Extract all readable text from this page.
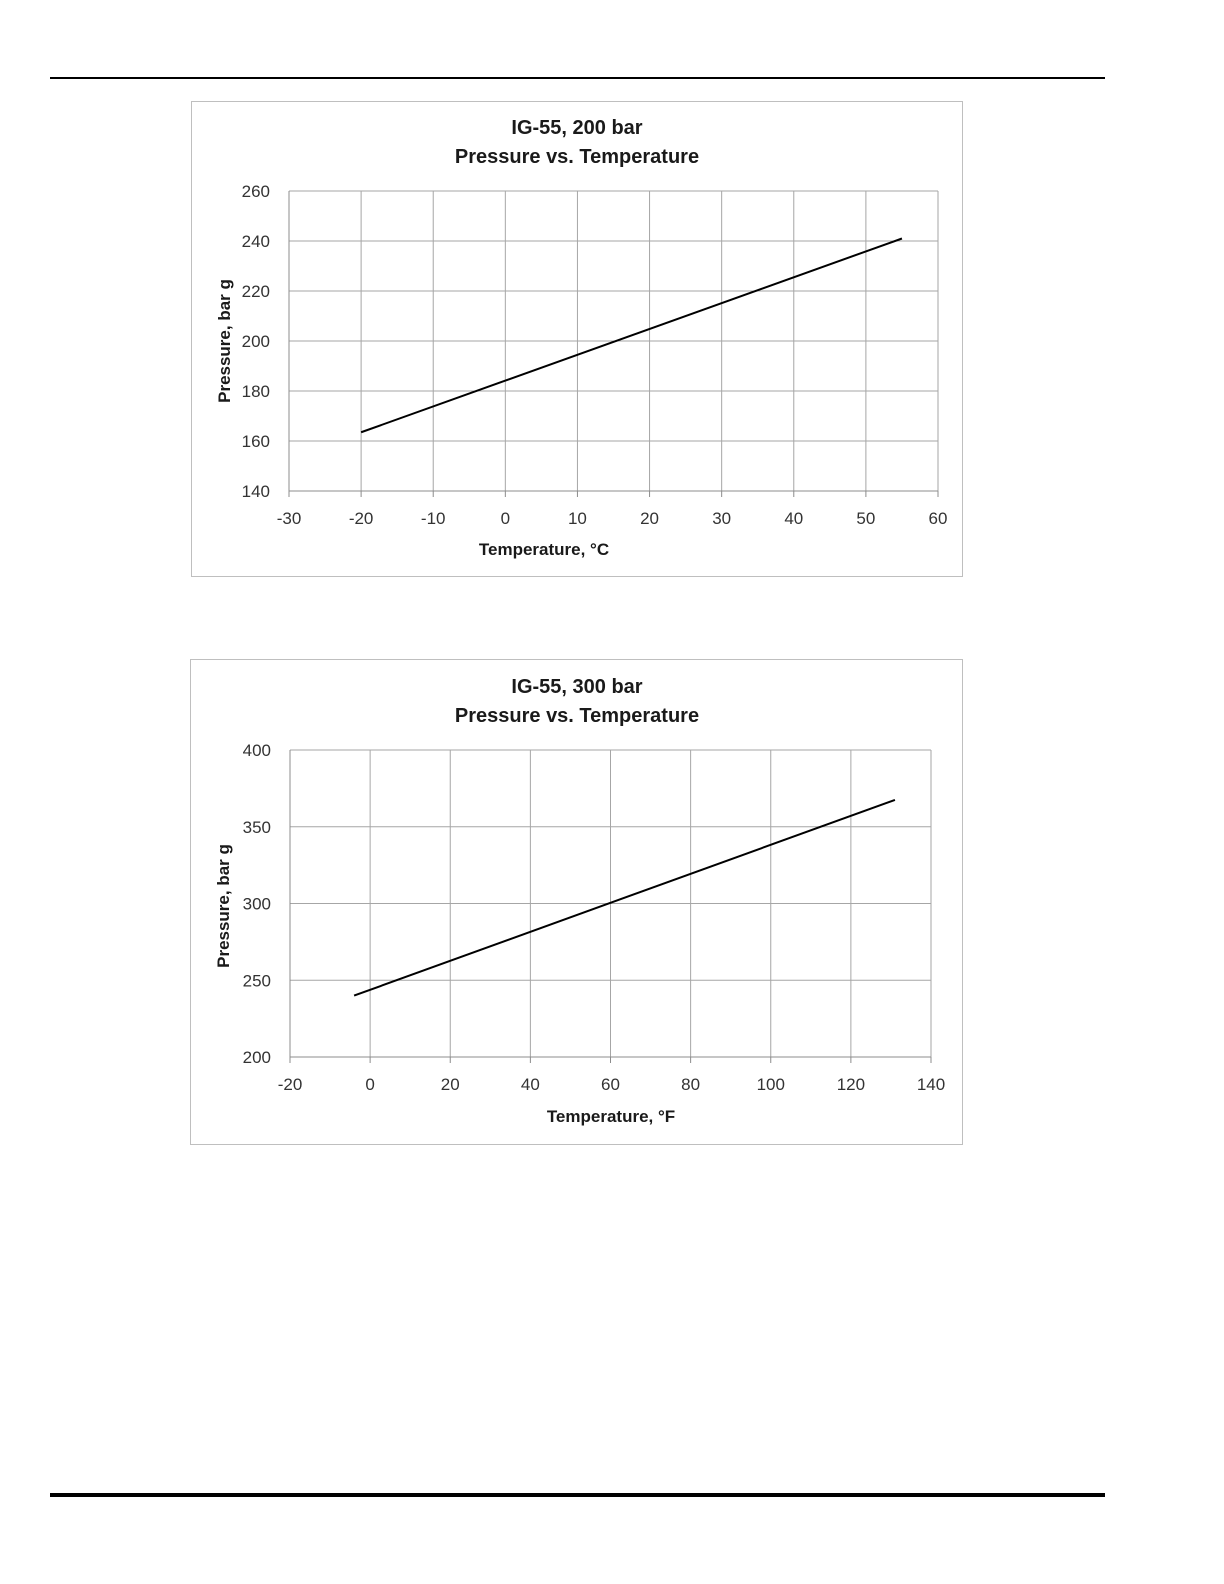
IG-55, 200 bar
Pressure vs. Temperature
Temperature, °C
Pressure, bar g
-30	-20	-10	0	10	20	30	40	50	60
140
160
180
200
220
240
260
IG-55, 300 bar
Pressure vs. Temperature
Temperature, °F
Pressure, bar g
-20	0	20	40	60	80	100	120	140
200
250
300
350
400
